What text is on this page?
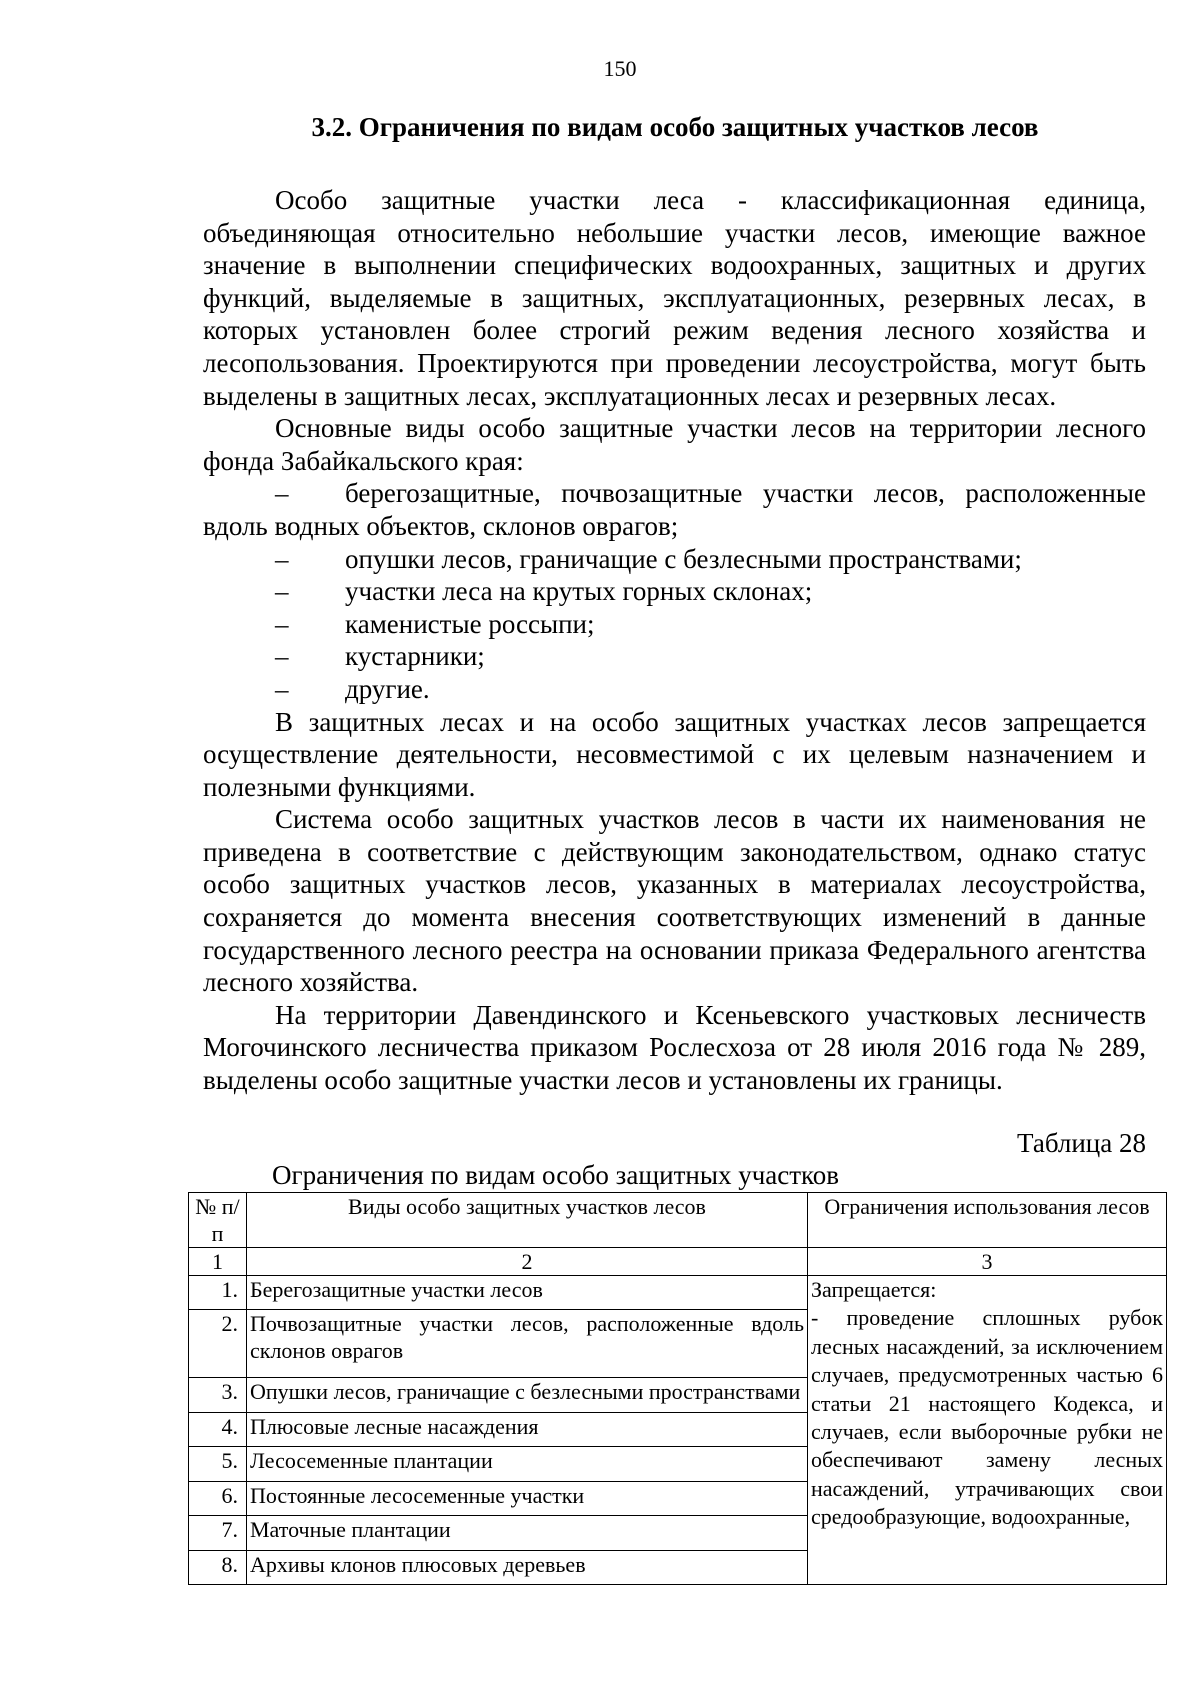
150
3.2. Ограничения по видам особо защитных участков лесов

Особо защитные участки леса - классификационная единица, объединяющая относительно небольшие участки лесов, имеющие важное значение в выполнении специфических водоохранных, защитных и других функций, выделяемые в защитных, эксплуатационных, резервных лесах, в которых установлен более строгий режим ведения лесного хозяйства и лесопользования. Проектируются при проведении лесоустройства, могут быть выделены в защитных лесах, эксплуатационных лесах и резервных лесах.

Основные виды особо защитные участки лесов на территории лесного фонда Забайкальского края:

– берегозащитные, почвозащитные участки лесов, расположенные вдоль водных объектов, склонов оврагов;
– опушки лесов, граничащие с безлесными пространствами;
– участки леса на крутых горных склонах;
– каменистые россыпи;
– кустарники;
– другие.

В защитных лесах и на особо защитных участках лесов запрещается осуществление деятельности, несовместимой с их целевым назначением и полезными функциями.

Система особо защитных участков лесов в части их наименования не приведена в соответствие с действующим законодательством, однако статус особо защитных участков лесов, указанных в материалах лесоустройства, сохраняется до момента внесения соответствующих изменений в данные государственного лесного реестра на основании приказа Федерального агентства лесного хозяйства.

На территории Давендинского и Ксеньевского участковых лесничеств Могочинского лесничества приказом Рослесхоза от 28 июля 2016 года № 289, выделены особо защитные участки лесов и установлены их границы.

Таблица 28
Ограничения по видам особо защитных участков
№ п/п	Виды особо защитных участков лесов	Ограничения использования лесов
1	2	3
1.	Берегозащитные участки лесов	Запрещается:
- проведение сплошных рубок лесных насаждений, за исключением случаев, предусмотренных частью 6 статьи 21 настоящего Кодекса, и случаев, если выборочные рубки не обеспечивают замену лесных насаждений, утрачивающих свои средообразующие, водоохранные,

2.	Почвозащитные участки лесов, расположенные вдоль склонов оврагов	
3.	Опушки лесов, граничащие с безлесными пространствами	
4.	Плюсовые лесные насаждения	
5.	Лесосеменные плантации	
6.	Постоянные лесосеменные участки	
7.	Маточные плантации	
8.	Архивы клонов плюсовых деревьев	
